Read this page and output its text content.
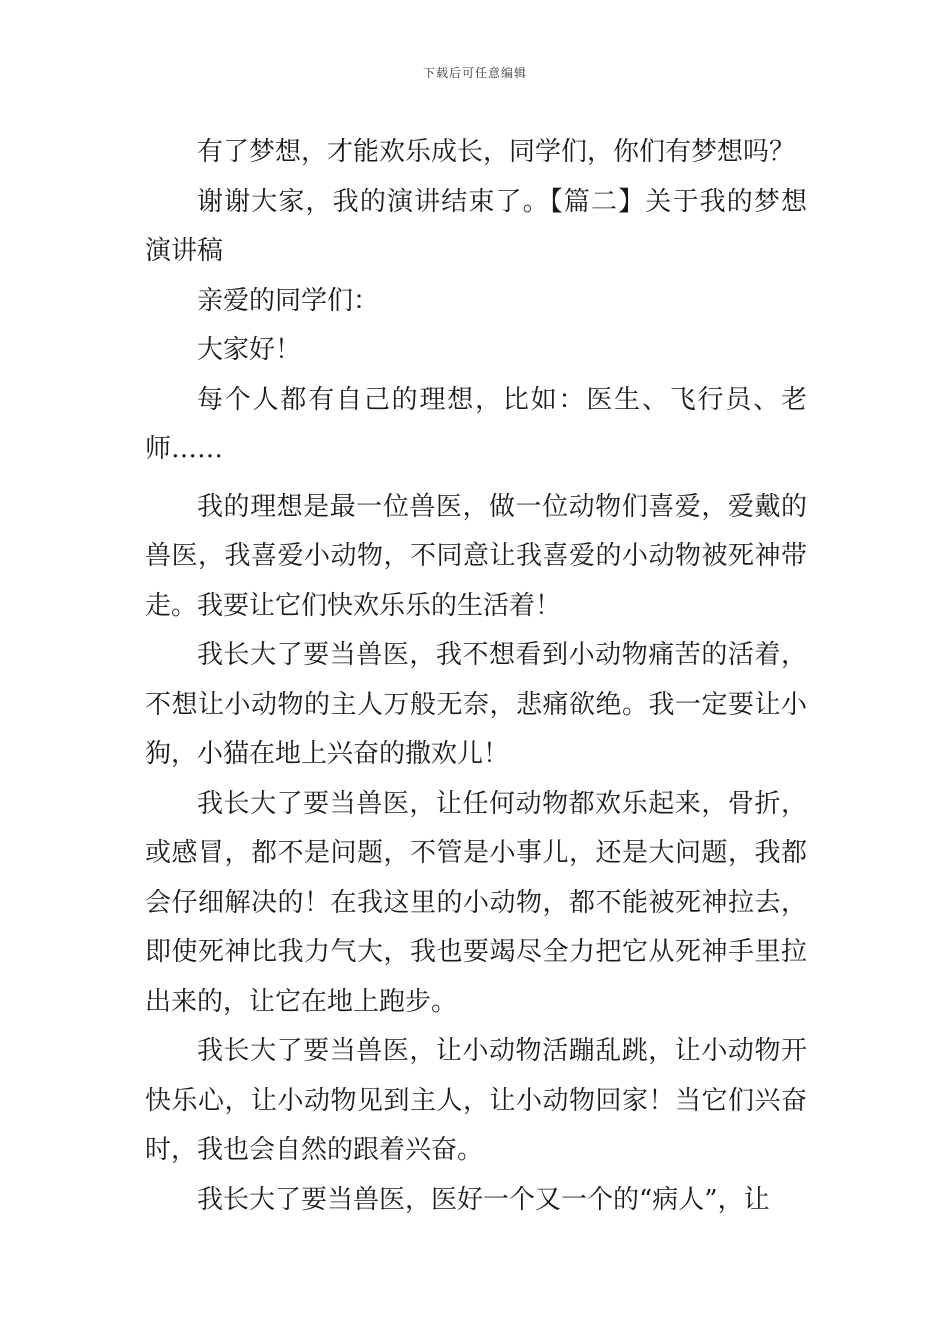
下载后可任意编辑

有了梦想，才能欢乐成长，同学们，你们有梦想吗？

谢谢大家，我的演讲结束了。【篇二】关于我的梦想演讲稿

亲爱的同学们：

大家好！

每个人都有自己的理想，比如：医生、飞行员、老师……

我的理想是最一位兽医，做一位动物们喜爱，爱戴的兽医，我喜爱小动物，不同意让我喜爱的小动物被死神带走。我要让它们快欢乐乐的生活着！

我长大了要当兽医，我不想看到小动物痛苦的活着，不想让小动物的主人万般无奈，悲痛欲绝。我一定要让小狗，小猫在地上兴奋的撒欢儿！

我长大了要当兽医，让任何动物都欢乐起来，骨折，或感冒，都不是问题，不管是小事儿，还是大问题，我都会仔细解决的！在我这里的小动物，都不能被死神拉去，即使死神比我力气大，我也要竭尽全力把它从死神手里拉出来的，让它在地上跑步。

我长大了要当兽医，让小动物活蹦乱跳，让小动物开快乐心，让小动物见到主人，让小动物回家！当它们兴奋时，我也会自然的跟着兴奋。

我长大了要当兽医，医好一个又一个的“病人”，让
